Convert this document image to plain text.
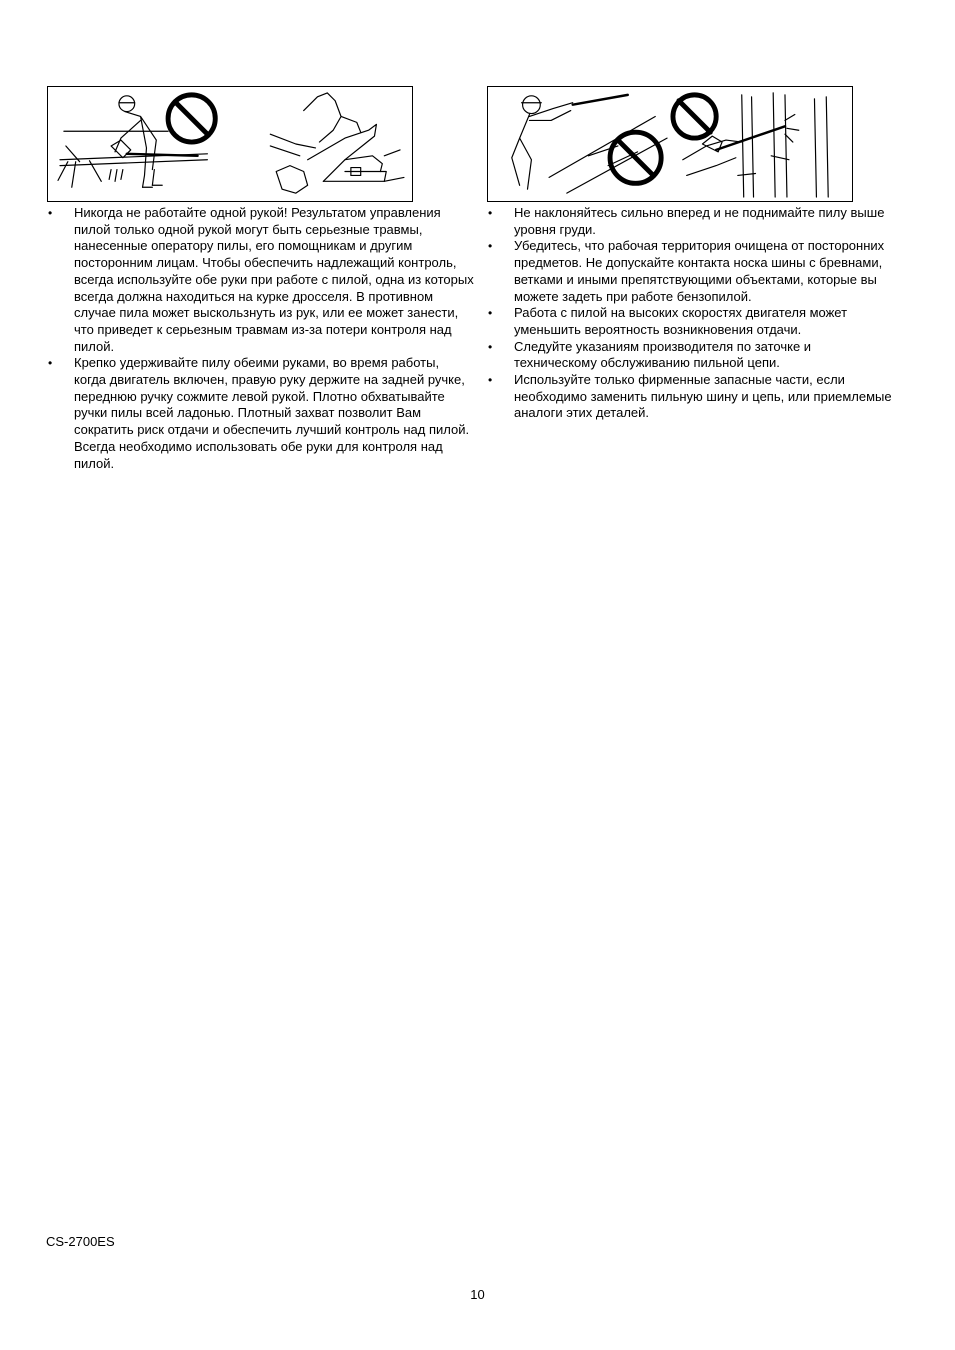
• Никогда не работайте одной рукой! Результатом управления пилой только одной рукой могут быть серьезные травмы, нанесенные оператору пилы, его помощникам и другим посторонним лицам. Чтобы обеспечить надлежащий контроль, всегда используйте обе руки при работе с пилой, одна из которых всегда должна находиться на курке дросселя. В противном случае пила может выскользнуть из рук, или ее может занести, что приведет к серьезным травмам из-за потери контроля над пилой.
• Крепко удерживайте пилу обеими руками, во время работы, когда двигатель включен, правую руку держите на задней ручке, переднюю ручку сожмите левой рукой. Плотно обхватывайте ручки пилы всей ладонью. Плотный захват позволит Вам сократить риск отдачи и обеспечить лучший контроль над пилой. Всегда необходимо использовать обе руки для контроля над пилой.
• Не наклоняйтесь сильно вперед и не поднимайте пилу выше уровня груди.
• Убедитесь, что рабочая территория очищена от посторонних предметов. Не допускайте контакта носка шины с бревнами, ветками и иными препятствующими объектами, которые вы можете задеть при работе бензопилой.
• Работа с пилой на высоких скоростях двигателя может уменьшить вероятность возникновения отдачи.
• Следуйте указаниям производителя по заточке и техническому обслуживанию пильной цепи.
• Используйте только фирменные запасные части, если необходимо заменить пильную шину и цепь, или приемлемые аналоги этих деталей.
CS-2700ES
10
